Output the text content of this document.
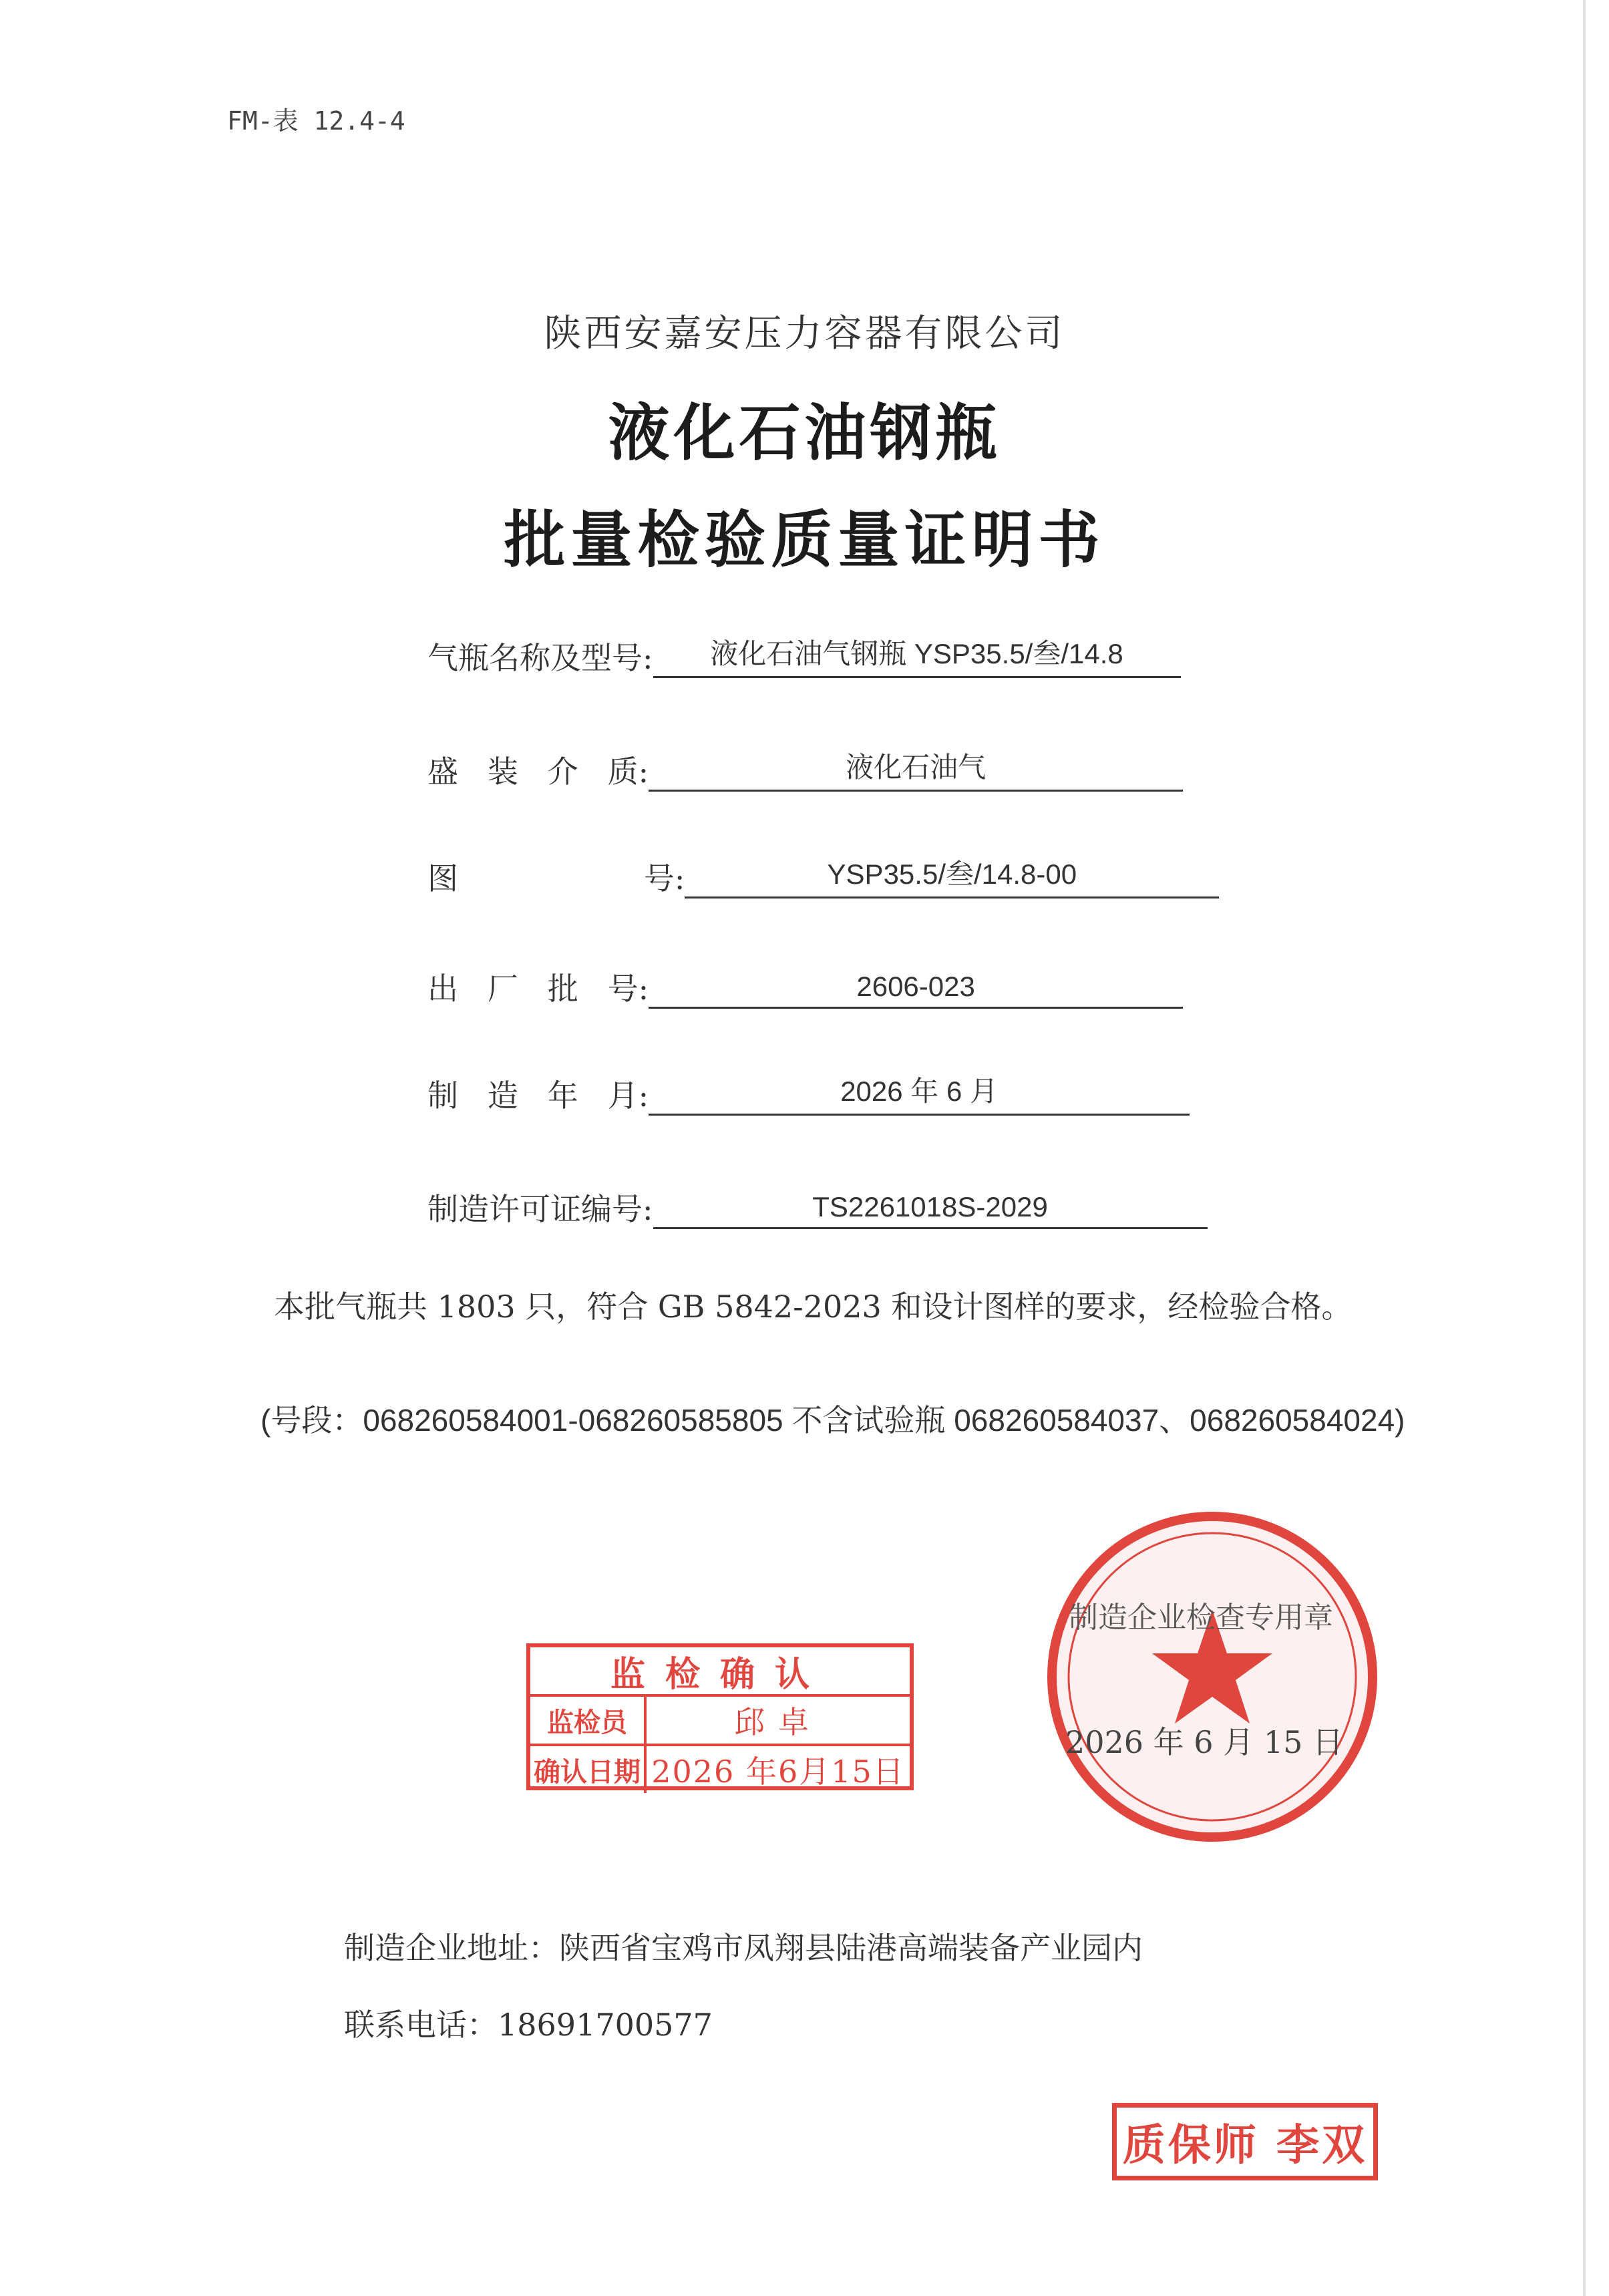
FM-表 12.4-4
陕西安嘉安压力容器有限公司
液化石油钢瓶
批量检验质量证明书
气瓶名称及型号:	液化石油气钢瓶 YSP35.5/叁/14.8
盛   装   介   质:	液化石油气
图                   号:	YSP35.5/叁/14.8-00
出   厂   批   号:	2606-023
制   造   年   月:	2026 年 6 月
制造许可证编号:	TS2261018S-2029
本批气瓶共 1803 只，符合 GB 5842-2023 和设计图样的要求，经检验合格。
(号段：068260584001-068260585805 不含试验瓶 068260584037、068260584024)
制造企业检查专用章
2026 年 6 月 15 日
监检确认
监检员	邱卓
确认日期 2026 年6月15日
制造企业地址：陕西省宝鸡市凤翔县陆港高端装备产业园内
联系电话：18691700577
质保师 李双
